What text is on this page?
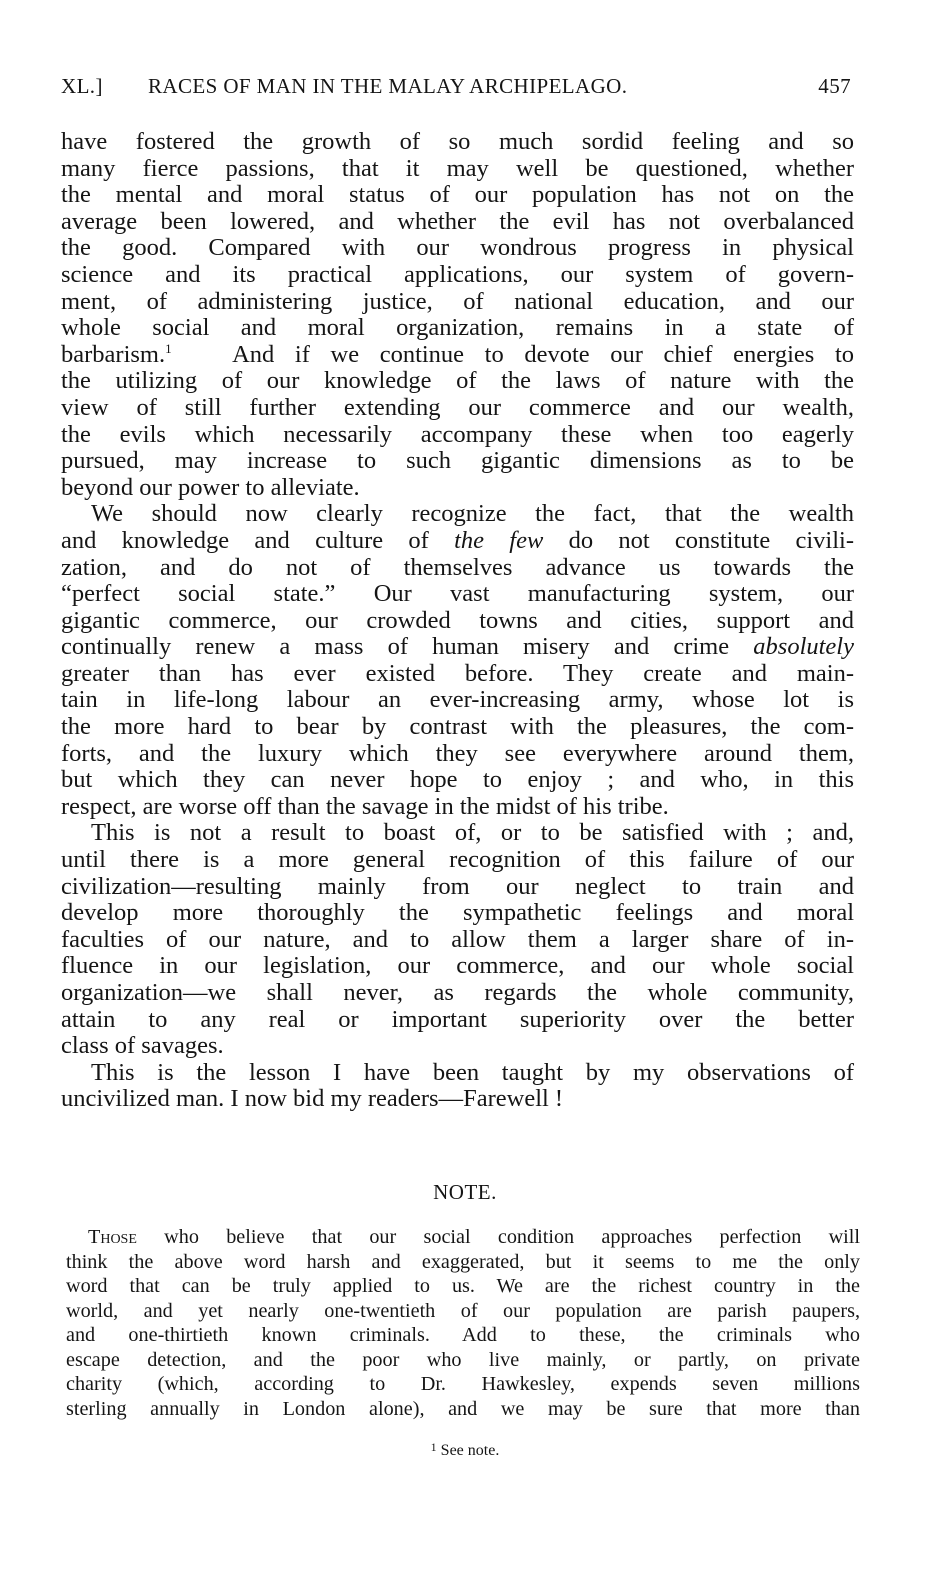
XL.] RACES OF MAN IN THE MALAY ARCHIPELAGO.	457
have fostered the growth of so much sordid feeling and so
many fierce passions, that it may well be questioned, whether
the mental and moral status of our population has not on the
average been lowered, and whether the evil has not overbalanced
the good. Compared with our wondrous progress in physical
science and its practical applications, our system of govern-
ment, of administering justice, of national education, and our
whole social and moral organization, remains in a state of
barbarism.$^1$ And if we continue to devote our chief energies to
the utilizing of our knowledge of the laws of nature with the
view of still further extending our commerce and our wealth,
the evils which necessarily accompany these when too eagerly
pursued, may increase to such gigantic dimensions as to be
beyond our power to alleviate.
We should now clearly recognize the fact, that the wealth
and knowledge and culture of the few do not constitute civili-
zation, and do not of themselves advance us towards the
“perfect social state.” Our vast manufacturing system, our
gigantic commerce, our crowded towns and cities, support and
continually renew a mass of human misery and crime absolutely
greater than has ever existed before. They create and main-
tain in life-long labour an ever-increasing army, whose lot is
the more hard to bear by contrast with the pleasures, the com-
forts, and the luxury which they see everywhere around them,
but which they can never hope to enjoy ; and who, in this
respect, are worse off than the savage in the midst of his tribe.
This is not a result to boast of, or to be satisfied with ; and,
until there is a more general recognition of this failure of our
civilization—resulting mainly from our neglect to train and
develop more thoroughly the sympathetic feelings and moral
faculties of our nature, and to allow them a larger share of in-
fluence in our legislation, our commerce, and our whole social
organization—we shall never, as regards the whole community,
attain to any real or important superiority over the better
class of savages.
This is the lesson I have been taught by my observations of
uncivilized man. I now bid my readers—Farewell !
NOTE.
Those who believe that our social condition approaches perfection will
think the above word harsh and exaggerated, but it seems to me the only
word that can be truly applied to us. We are the richest country in the
world, and yet nearly one-twentieth of our population are parish paupers,
and one-thirtieth known criminals. Add to these, the criminals who
escape detection, and the poor who live mainly, or partly, on private
charity (which, according to Dr. Hawkesley, expends seven millions
sterling annually in London alone), and we may be sure that more than
$^1$ See note.
